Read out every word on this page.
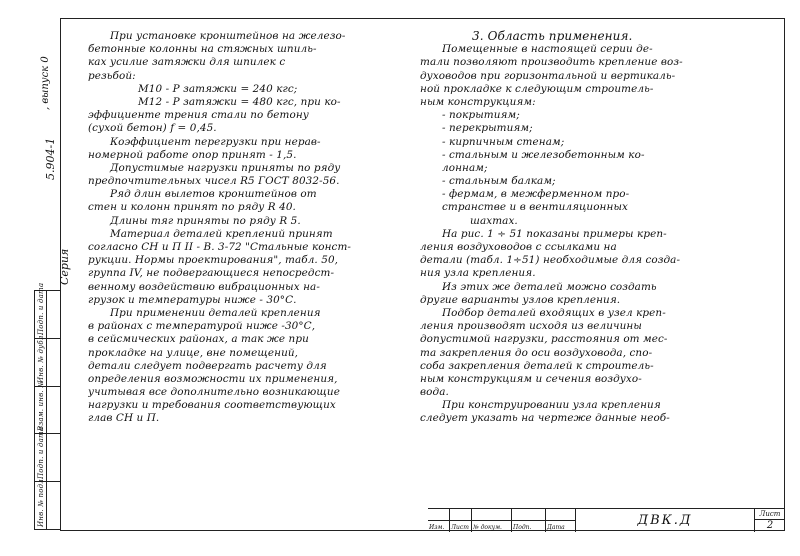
При установке кронштейнов на железо-
бетонные колонны на стяжных шпиль-
ках усилие затяжки для шпилек с
резьбой:
М10 - Р затяжки = 240 кгс;
М12 - Р затяжки = 480 кгс, при ко-
эффициенте трения стали по бетону
(сухой бетон) f = 0,45.
Коэффициент перегрузки при нерав-
номерной работе опор принят - 1,5.
Допустимые нагрузки приняты по ряду
предпочтительных чисел R5 ГОСТ 8032-56.
Ряд длин вылетов кронштейнов от
стен и колонн принят по ряду R 40.
Длины тяг приняты по ряду R 5.
Материал деталей креплений принят
согласно СН и П II - В. 3-72 "Стальные конст-
рукции. Нормы проектирования", табл. 50,
группа IV, не подвергающиеся непосредст-
венному воздействию вибрационных на-
грузок и температуры ниже - 30°С.
При применении деталей крепления
в районах с температурой ниже -30°С,
в сейсмических районах, а так же при
прокладке на улице, вне помещений,
детали следует подвергать расчету для
определения возможности их применения,
учитывая все дополнительно возникающие
нагрузки и требования соответствующих
глав СН и П.
3. Область применения.
Помещенные в настоящей серии де-
тали позволяют производить крепление воз-
духоводов при горизонтальной и вертикаль-
ной прокладке к следующим строитель-
ным конструкциям:
- покрытиям;
- перекрытиям;
- кирпичным стенам;
- стальным и железобетонным ко-
лоннам;
- стальным балкам;
- фермам, в межферменном про-
странстве и в вентиляционных
шахтах.
На рис. 1 ÷ 51 показаны примеры креп-
ления воздуховодов с ссылками на
детали (табл. 1÷51) необходимые для созда-
ния узла крепления.
Из этих же деталей можно создать
другие варианты узлов крепления.
Подбор деталей входящих в узел креп-
ления производят исходя из величины
допустимой нагрузки, расстояния от мес-
та закрепления до оси воздуховода, спо-
соба закрепления деталей к строитель-
ным конструкциям и сечения воздухо-
вода.
При конструировании узла крепления
следует указать на чертеже данные необ-
, выпуск 0
5.904-1
Серия
Изм. Лист № докум. Подп.	Дата	ДВК.Д	Лист
2
Инв. № подл.
Подп. и дата
Взам. инв. №
Инв. № дубл.
Подп. и дата
